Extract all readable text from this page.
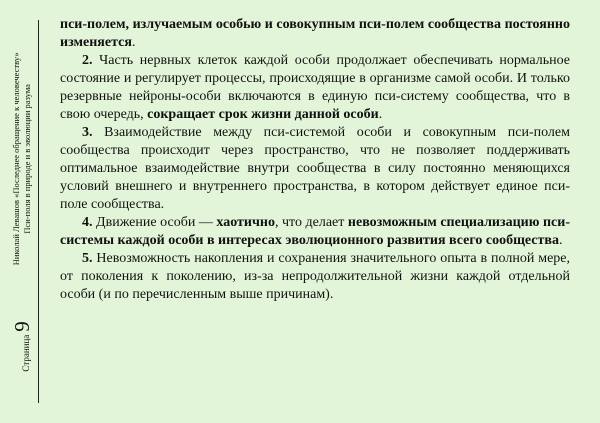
Страница
9
Николай Левашов «Последнее обращение к человечеству» Пси-поля в природе и в эволюции разума

пси-полем, излучаемым особью и совокупным пси-полем сообщества постоянно изменяется.

2. Часть нервных клеток каждой особи продолжает обеспечивать нормальное состояние и регулирует процессы, происходящие в организме самой особи. И только резервные нейроны-особи включаются в единую пси-систему сообщества, что в свою очередь, сокращает срок жизни данной особи.

3. Взаимодействие между пси-системой особи и совокупным пси-полем сообщества происходит через пространство, что не позволяет поддерживать оптимальное взаимодействие внутри сообщества в силу постоянно меняющихся условий внешнего и внутреннего пространства, в котором действует единое пси-поле сообщества.

4. Движение особи — хаотично, что делает невозможным специализацию пси-системы каждой особи в интересах эволюционного развития всего сообщества.

5. Невозможность накопления и сохранения значительного опыта в полной мере, от поколения к поколению, из-за непродолжительной жизни каждой отдельной особи (и по перечисленным выше причинам).
